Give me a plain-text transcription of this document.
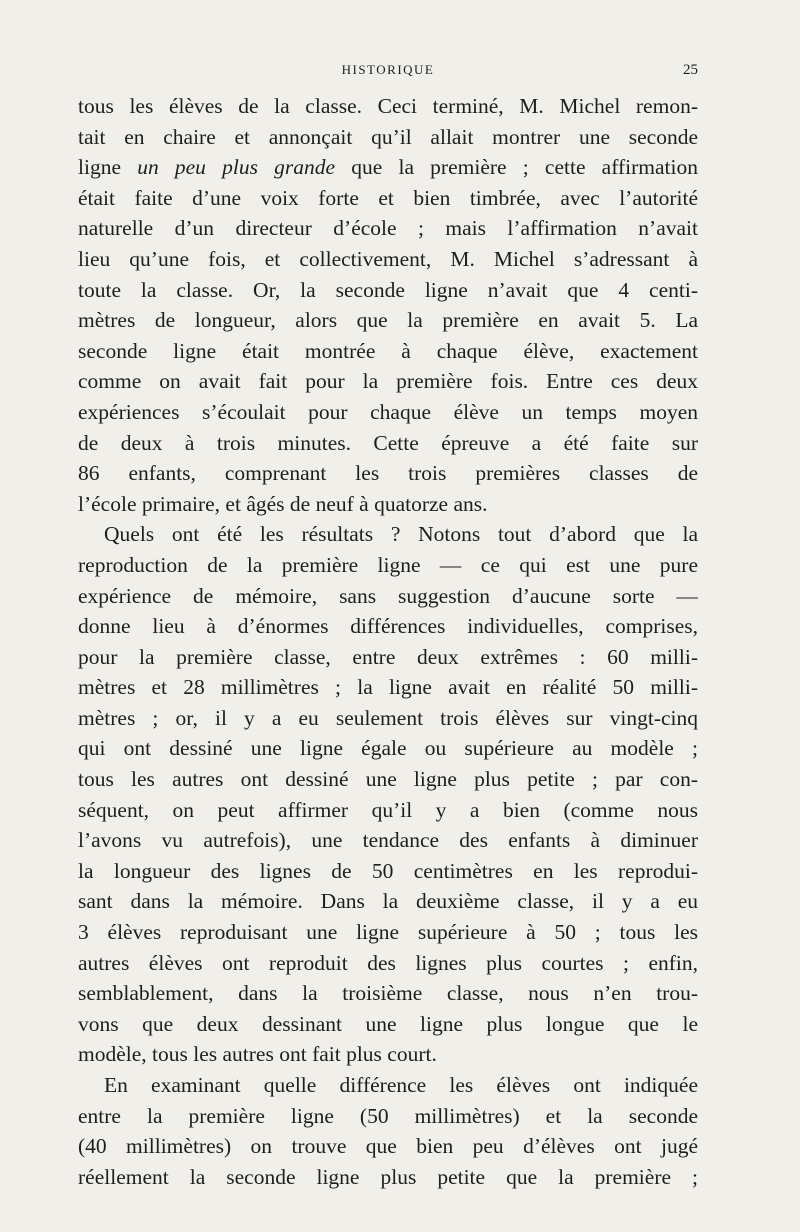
HISTORIQUE	25
tous les élèves de la classe. Ceci terminé, M. Michel remon-
tait en chaire et annonçait qu’il allait montrer une seconde
ligne un peu plus grande que la première ; cette affirmation
était faite d’une voix forte et bien timbrée, avec l’autorité
naturelle d’un directeur d’école ; mais l’affirmation n’avait
lieu qu’une fois, et collectivement, M. Michel s’adressant à
toute la classe. Or, la seconde ligne n’avait que 4 centi-
mètres de longueur, alors que la première en avait 5. La
seconde ligne était montrée à chaque élève, exactement
comme on avait fait pour la première fois. Entre ces deux
expériences s’écoulait pour chaque élève un temps moyen
de deux à trois minutes. Cette épreuve a été faite sur
86 enfants, comprenant les trois premières classes de
l’école primaire, et âgés de neuf à quatorze ans.
Quels ont été les résultats ? Notons tout d’abord que la
reproduction de la première ligne — ce qui est une pure
expérience de mémoire, sans suggestion d’aucune sorte —
donne lieu à d’énormes différences individuelles, comprises,
pour la première classe, entre deux extrêmes : 60 milli-
mètres et 28 millimètres ; la ligne avait en réalité 50 milli-
mètres ; or, il y a eu seulement trois élèves sur vingt-cinq
qui ont dessiné une ligne égale ou supérieure au modèle ;
tous les autres ont dessiné une ligne plus petite ; par con-
séquent, on peut affirmer qu’il y a bien (comme nous
l’avons vu autrefois), une tendance des enfants à diminuer
la longueur des lignes de 50 centimètres en les reprodui-
sant dans la mémoire. Dans la deuxième classe, il y a eu
3 élèves reproduisant une ligne supérieure à 50 ; tous les
autres élèves ont reproduit des lignes plus courtes ; enfin,
semblablement, dans la troisième classe, nous n’en trou-
vons que deux dessinant une ligne plus longue que le
modèle, tous les autres ont fait plus court.
En examinant quelle différence les élèves ont indiquée
entre la première ligne (50 millimètres) et la seconde
(40 millimètres) on trouve que bien peu d’élèves ont jugé
réellement la seconde ligne plus petite que la première ;
